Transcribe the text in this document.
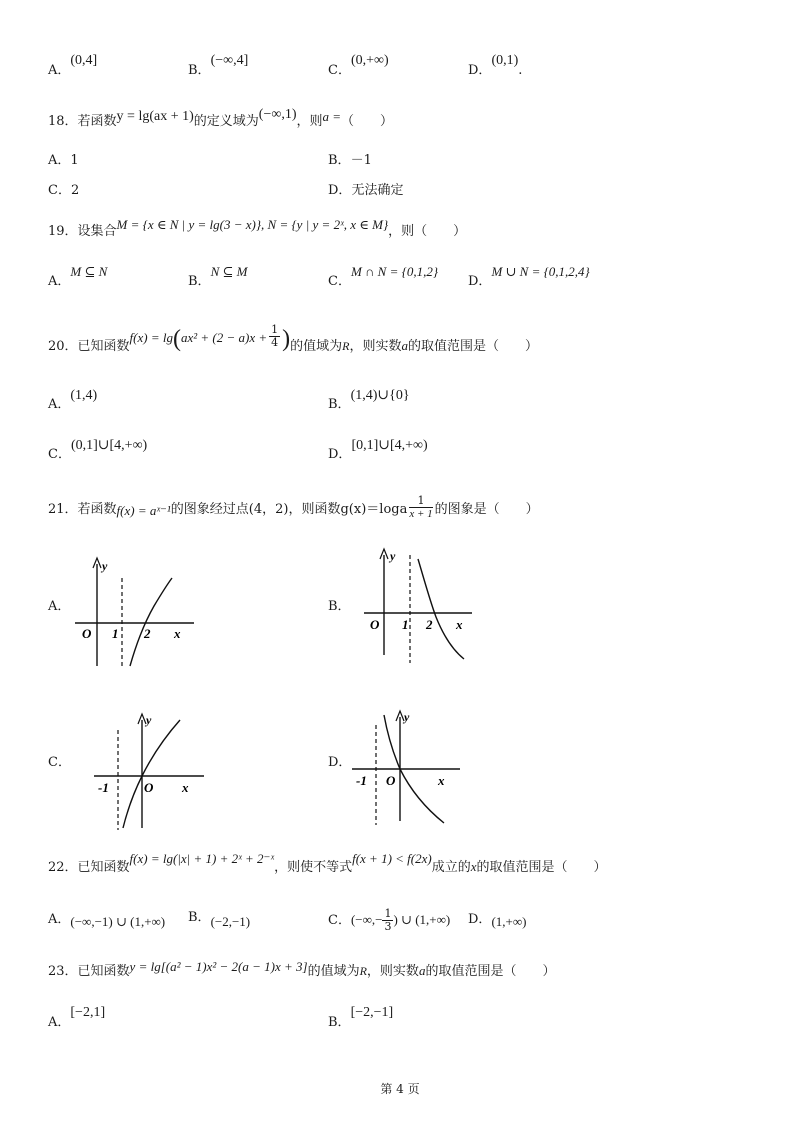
A．(0,4]
B．(−∞,4]
C．(0,+∞)
D．(0,1).
18．若函数y = lg(ax + 1)的定义域为(−∞,1)，则a =（　　）
A．1	B．－1
C．2	D．无法确定
19．设集合M = {x ∈ N | y = lg(3 − x)}, N = {y | y = 2ˣ, x ∈ M}，则（　　）
A．M ⊆ N
B．N ⊆ M
C．M ∩ N = {0,1,2}
D．M ∪ N = {0,1,2,4}
20．已知函数$f(x) = \lg(ax^2 + (2 - a)x + \frac{1}{4}$ )的值域为R，则实数a的取值范围是（　　）
A．(1,4)
B．(1,4)∪{0}
C．(0,1]∪[4,+∞)
D．[0,1]∪[4,+∞)
21．若函数f(x) = aˣ⁻¹的图象经过点(4，2)，则函数$g(x)=\log a \frac{1}{x + 1}$ 的图象是（　　）
A．
y
O 1 2 x
B．
y
O 1 2 x
C．
y
-1	O x
D．
y
-1 O	x
22．已知函数f(x) = lg(|x| + 1) + 2ˣ + 2⁻ˣ，则使不等式f(x + 1) < f(2x)成立的x的取值范围是（　　）
A．(−∞,−1) ∪ (1,+∞) B．(−2,−1)	C．(−∞,− $\frac{1}{3}$ ) ∪ (1,+∞) D．(1,+∞)
23．已知函数y = lg[(a² − 1)x² − 2(a − 1)x + 3]的值域为R，则实数a的取值范围是（　　）
A．[−2,1]
B．[−2,−1]
第 4 页
